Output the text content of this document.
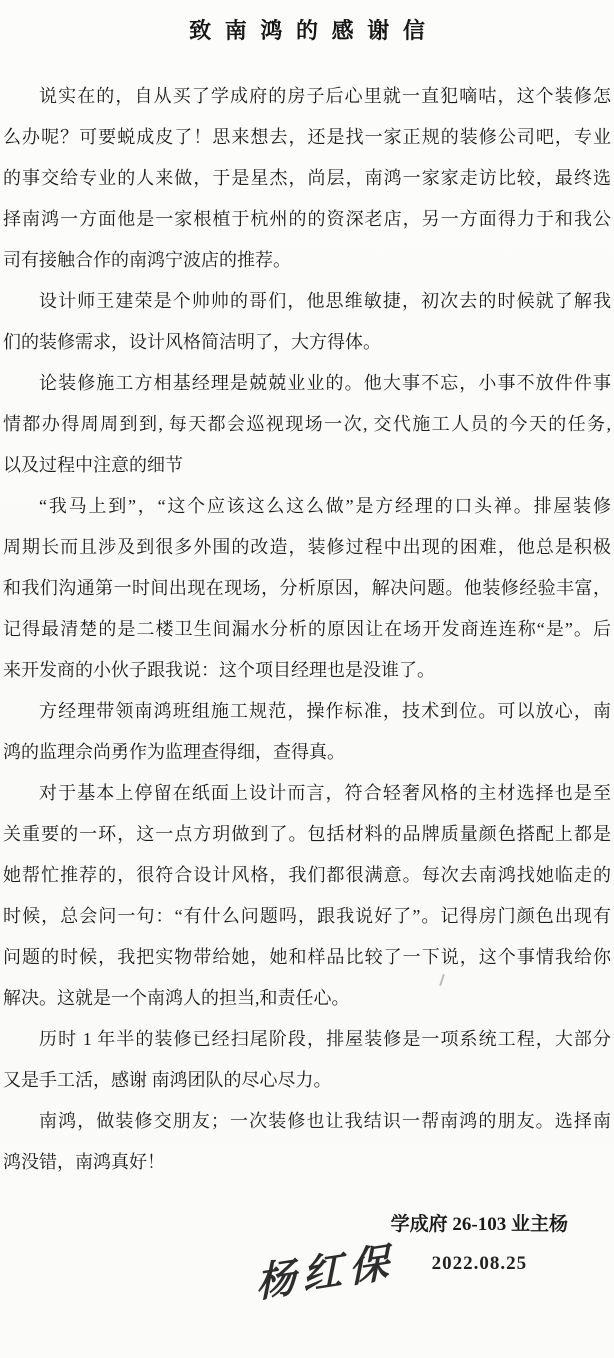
致南鸿的感谢信
说实在的，自从买了学成府的房子后心里就一直犯嘀咕，这个装修怎
么办呢？可要蜕成皮了！思来想去，还是找一家正规的装修公司吧，专业
的事交给专业的人来做，于是星杰，尚层，南鸿一家家走访比较，最终选
择南鸿一方面他是一家根植于杭州的的资深老店，另一方面得力于和我公
司有接触合作的南鸿宁波店的推荐。
设计师王建荣是个帅帅的哥们，他思维敏捷，初次去的时候就了解我
们的装修需求，设计风格简洁明了，大方得体。
论装修施工方相基经理是兢兢业业的。他大事不忘，小事不放件件事
情都办得周周到到, 每天都会巡视现场一次, 交代施工人员的今天的任务,
以及过程中注意的细节
“我马上到”，“这个应该这么这么做”是方经理的口头禅。排屋装修
周期长而且涉及到很多外围的改造，装修过程中出现的困难，他总是积极
和我们沟通第一时间出现在现场，分析原因，解决问题。他装修经验丰富，
记得最清楚的是二楼卫生间漏水分析的原因让在场开发商连连称“是”。后
来开发商的小伙子跟我说：这个项目经理也是没谁了。
方经理带领南鸿班组施工规范，操作标准，技术到位。可以放心，南
鸿的监理佘尚勇作为监理查得细，查得真。
对于基本上停留在纸面上设计而言，符合轻奢风格的主材选择也是至
关重要的一环，这一点方玥做到了。包括材料的品牌质量颜色搭配上都是
她帮忙推荐的，很符合设计风格，我们都很满意。每次去南鸿找她临走的
时候，总会问一句：“有什么问题吗，跟我说好了”。记得房门颜色出现有
问题的时候，我把实物带给她，她和样品比较了一下说，这个事情我给你
解决。这就是一个南鸿人的担当,和责任心。
历时 1 年半的装修已经扫尾阶段，排屋装修是一项系统工程，大部分
又是手工活，感谢 南鸿团队的尽心尽力。
南鸿，做装修交朋友；一次装修也让我结识一帮南鸿的朋友。选择南
鸿没错，南鸿真好！
学成府 26-103 业主杨
2022.08.25
杨红保
